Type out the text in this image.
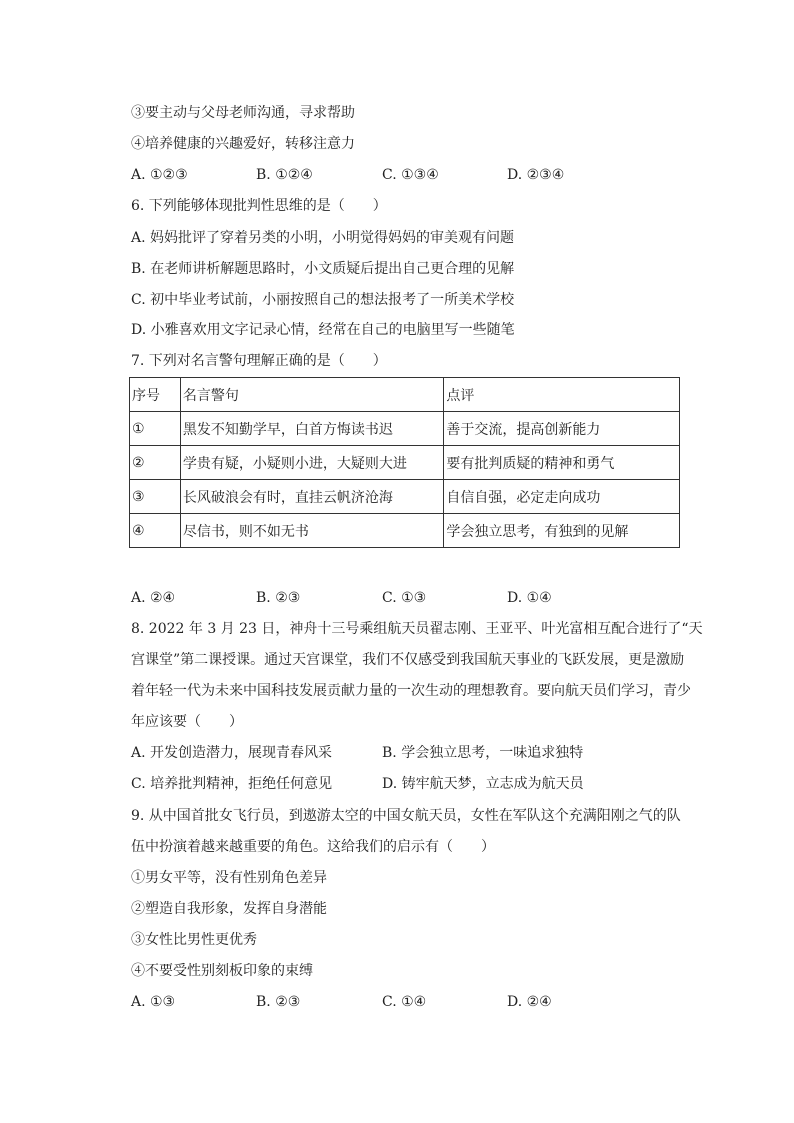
③要主动与父母老师沟通，寻求帮助
④培养健康的兴趣爱好，转移注意力
A. ①②③	B. ①②④	C. ①③④	D. ②③④
6. 下列能够体现批判性思维的是（　　）
A. 妈妈批评了穿着另类的小明，小明觉得妈妈的审美观有问题
B. 在老师讲析解题思路时，小文质疑后提出自己更合理的见解
C. 初中毕业考试前，小丽按照自己的想法报考了一所美术学校
D. 小雅喜欢用文字记录心情，经常在自己的电脑里写一些随笔
7. 下列对名言警句理解正确的是（　　）
序号	名言警句	点评
①	黑发不知勤学早，白首方悔读书迟	善于交流，提高创新能力
②	学贵有疑，小疑则小进，大疑则大进	要有批判质疑的精神和勇气
③	长风破浪会有时，直挂云帆济沧海	自信自强，必定走向成功
④	尽信书，则不如无书	学会独立思考，有独到的见解
A. ②④	B. ②③	C. ①③	D. ①④
8. 2022 年 3 月 23 日，神舟十三号乘组航天员翟志刚、王亚平、叶光富相互配合进行了“天
宫课堂”第二课授课。通过天宫课堂，我们不仅感受到我国航天事业的飞跃发展，更是激励
着年轻一代为未来中国科技发展贡献力量的一次生动的理想教育。要向航天员们学习，青少
年应该要（　　）
A. 开发创造潜力，展现青春风采	B. 学会独立思考，一味追求独特
C. 培养批判精神，拒绝任何意见	D. 铸牢航天梦，立志成为航天员
9. 从中国首批女飞行员，到遨游太空的中国女航天员，女性在军队这个充满阳刚之气的队
伍中扮演着越来越重要的角色。这给我们的启示有（　　）
①男女平等，没有性别角色差异
②塑造自我形象，发挥自身潜能
③女性比男性更优秀
④不要受性别刻板印象的束缚
A. ①③	B. ②③	C. ①④	D. ②④
